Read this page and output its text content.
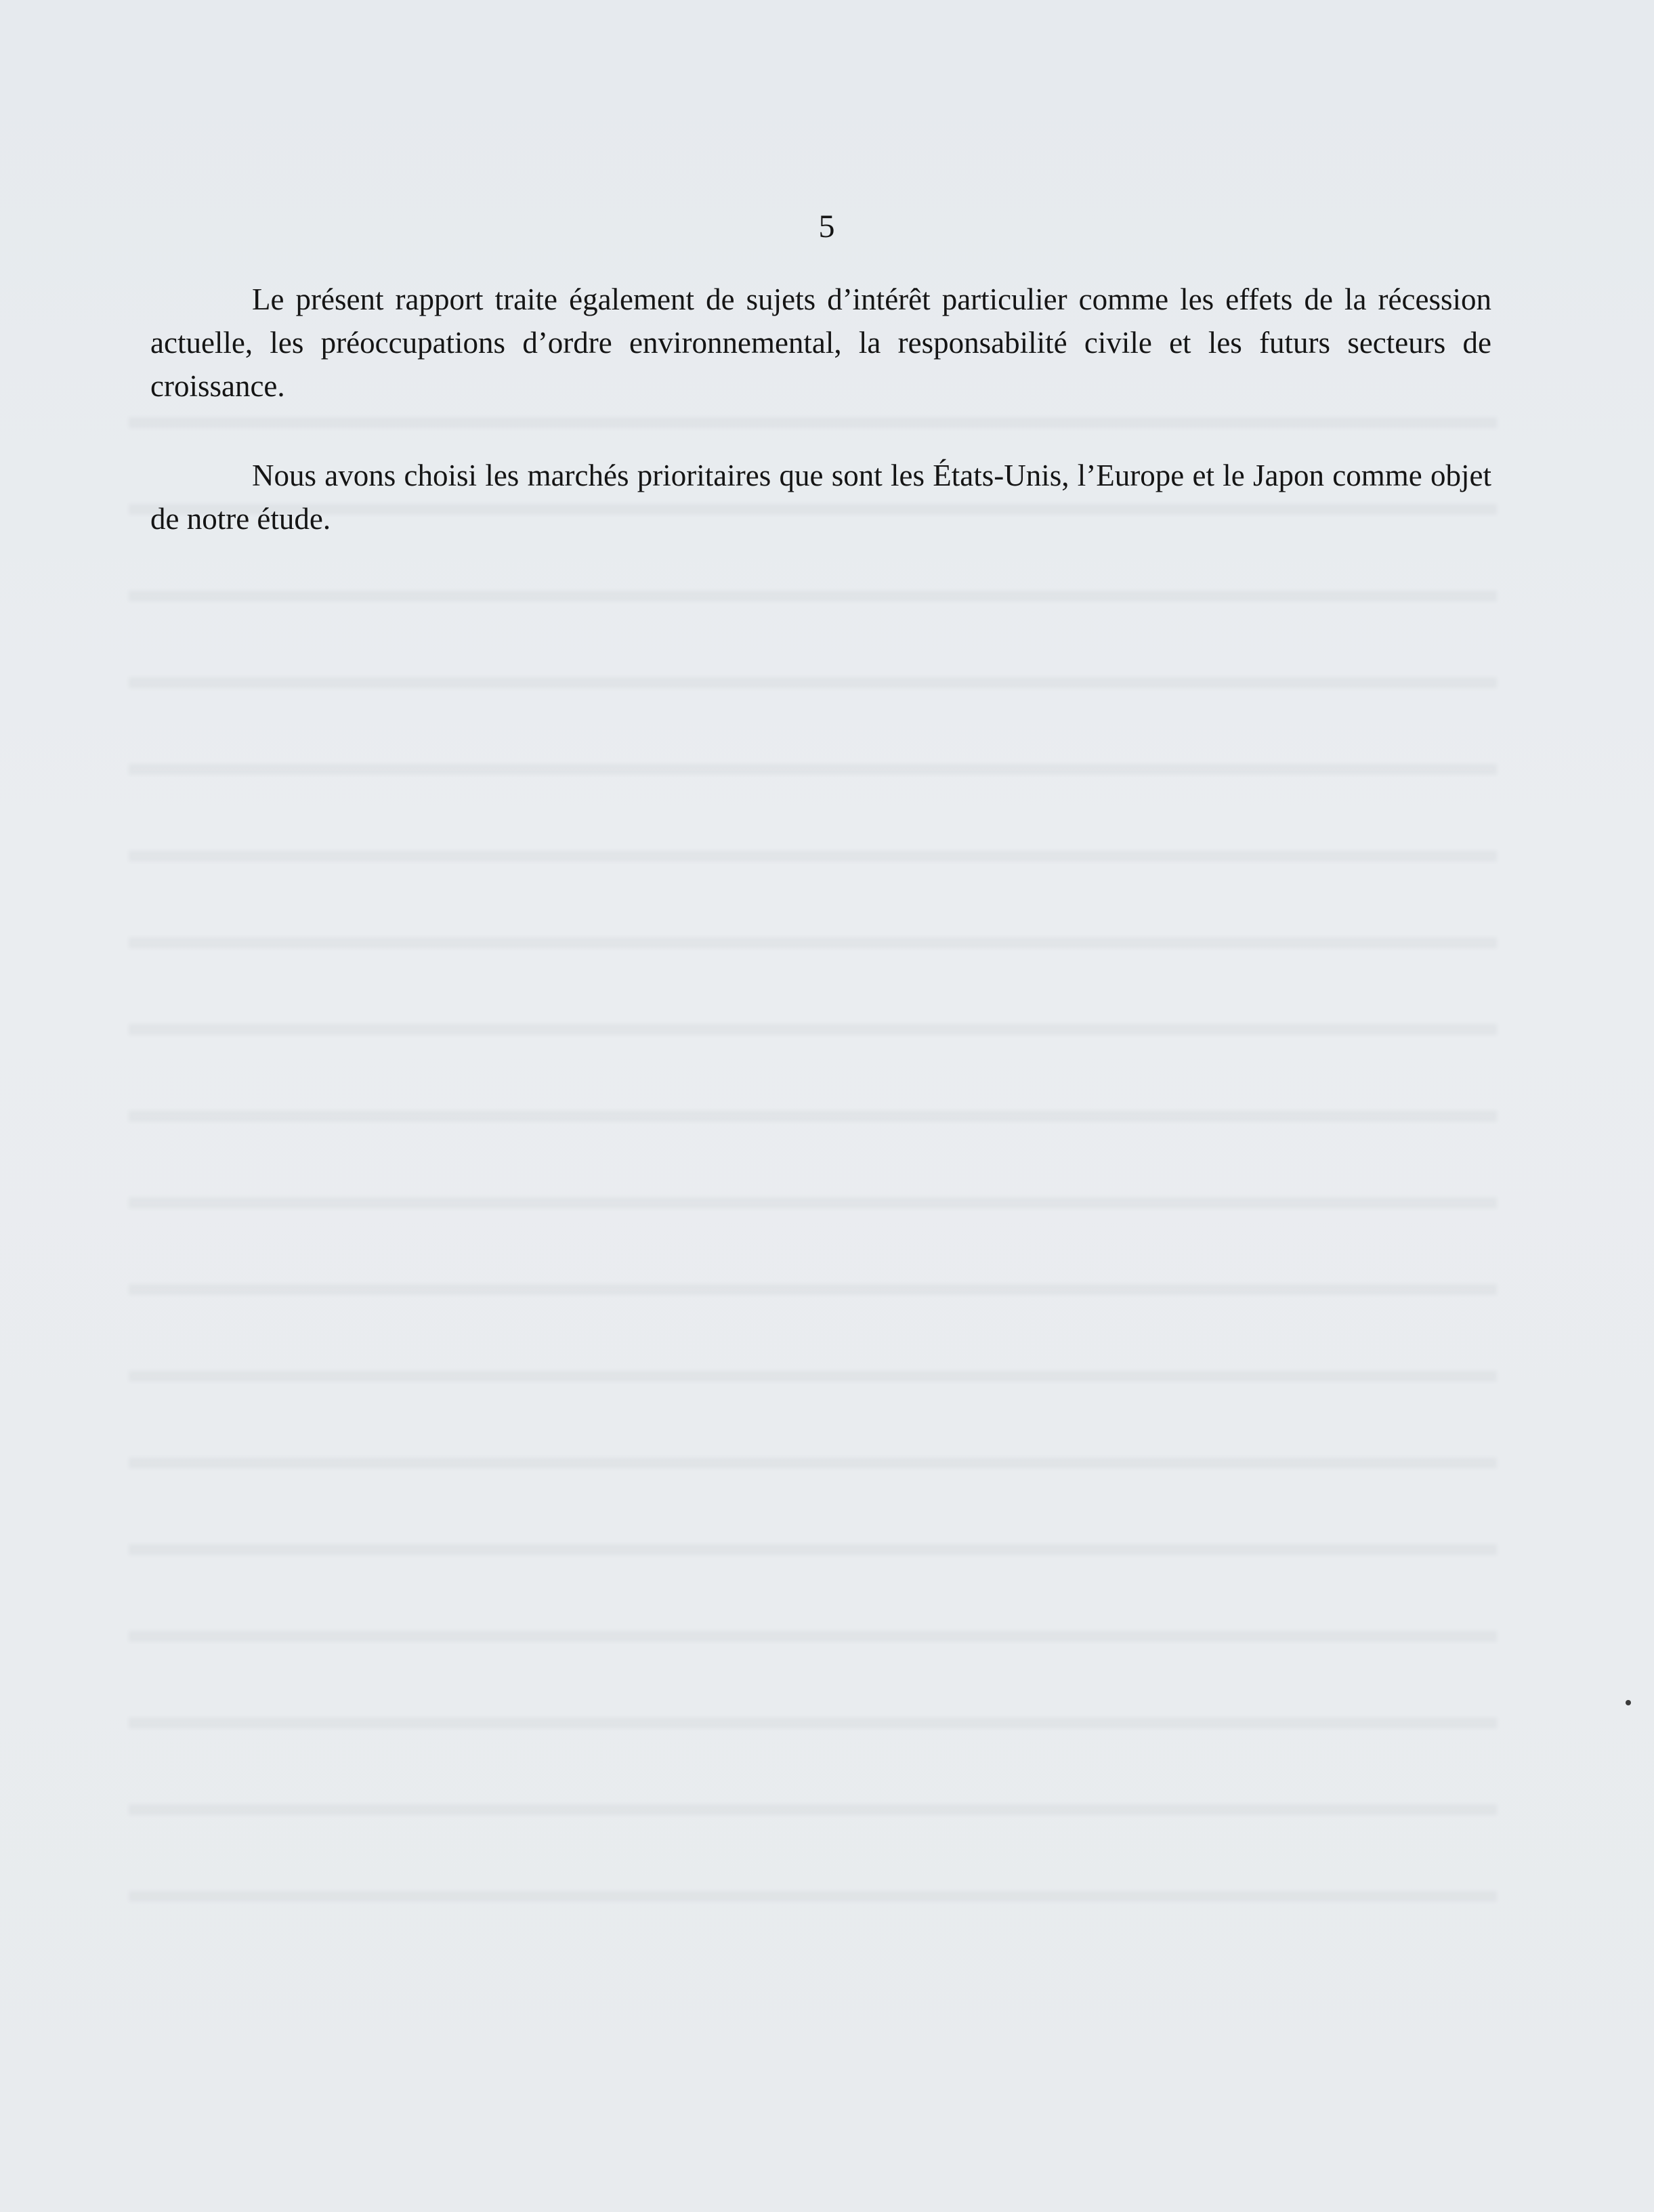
5

Le présent rapport traite également de sujets d’intérêt particulier comme les effets de la récession actuelle, les préoccupations d’ordre environnemental, la responsabilité civile et les futurs secteurs de croissance.

Nous avons choisi les marchés prioritaires que sont les États-Unis, l’Europe et le Japon comme objet de notre étude.
